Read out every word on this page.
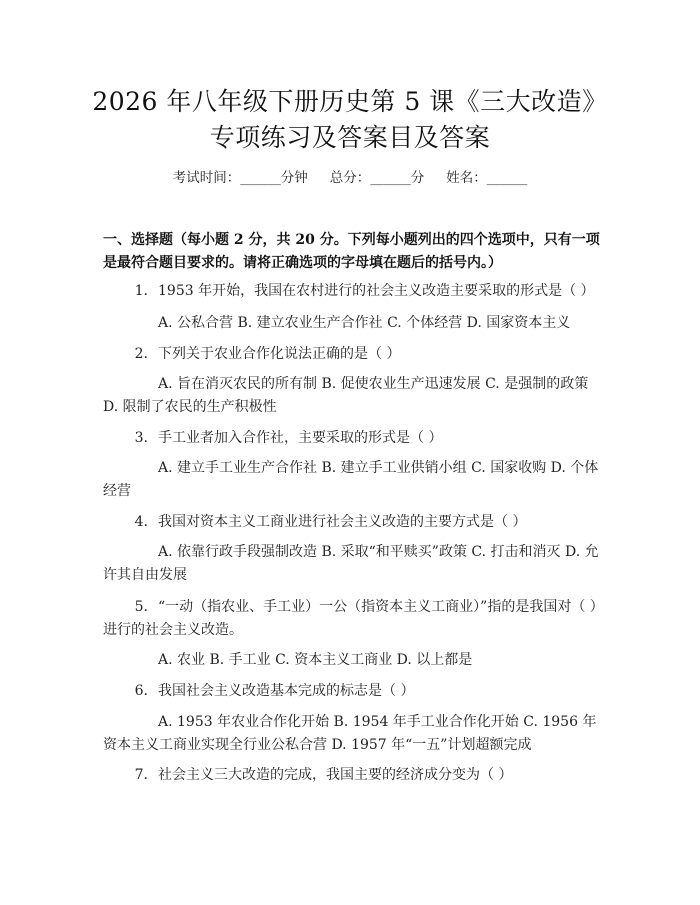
2026 年八年级下册历史第 5 课《三大改造》
专项练习及答案目及答案
考试时间：______分钟 总分：______分 姓名：______
一、选择题（每小题 2 分，共 20 分。下列每小题列出的四个选项中，只有一项是最符合题目要求的。请将正确选项的字母填在题后的括号内。）
1. 1953 年开始，我国在农村进行的社会主义改造主要采取的形式是（ ）
A. 公私合营 B. 建立农业生产合作社 C. 个体经营 D. 国家资本主义
2. 下列关于农业合作化说法正确的是（ ）
A. 旨在消灭农民的所有制 B. 促使农业生产迅速发展 C. 是强制的政策 D. 限制了农民的生产积极性
3. 手工业者加入合作社，主要采取的形式是（ ）
A. 建立手工业生产合作社 B. 建立手工业供销小组 C. 国家收购 D. 个体经营
4. 我国对资本主义工商业进行社会主义改造的主要方式是（ ）
A. 依靠行政手段强制改造 B. 采取“和平赎买”政策 C. 打击和消灭 D. 允许其自由发展
5. “一动（指农业、手工业）一公（指资本主义工商业）”指的是我国对（ ）进行的社会主义改造。
A. 农业 B. 手工业 C. 资本主义工商业 D. 以上都是
6. 我国社会主义改造基本完成的标志是（ ）
A. 1953 年农业合作化开始 B. 1954 年手工业合作化开始 C. 1956 年资本主义工商业实现全行业公私合营 D. 1957 年“一五”计划超额完成
7. 社会主义三大改造的完成，我国主要的经济成分变为（ ）
